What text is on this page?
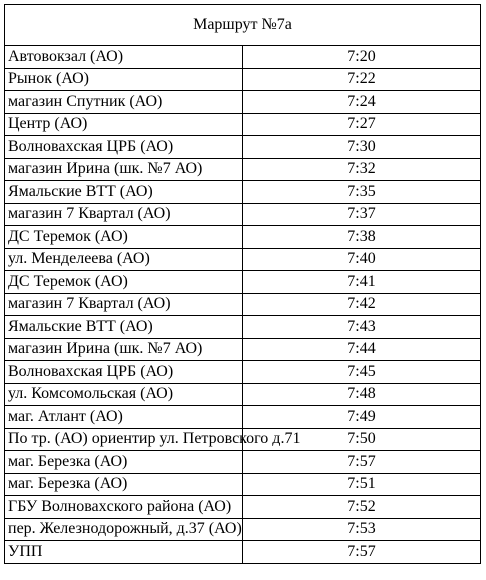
Маршрут №7а	
Автовокзал (АО)	7:20
Рынок (АО)	7:22
магазин Спутник (АО)	7:24
Центр (АО)	7:27
Волноваxская ЦРБ (АО)	7:30
магазин Ирина (шк. №7 АО)	7:32
Ямальские ВТТ (АО)	7:35
магазин 7 Квартал (АО)	7:37
ДС Теремок (АО)	7:38
ул. Менделеева (АО)	7:40
ДС Теремок (АО)	7:41
магазин 7 Квартал (АО)	7:42
Ямальские ВТТ (АО)	7:43
магазин Ирина (шк. №7 АО)	7:44
Волноваxская ЦРБ (АО)	7:45
ул. Комсомольская (АО)	7:48
маг. Атлант (АО)	7:49
По тр. (АО) ориентир ул. Петровского д.71	7:50
маг. Березка (АО)	7:57
маг. Березка (АО)	7:51
ГБУ Волноваxского района (АО)	7:52
пер. Железнодорожный, д.37 (АО)	7:53
УПП	7:57
